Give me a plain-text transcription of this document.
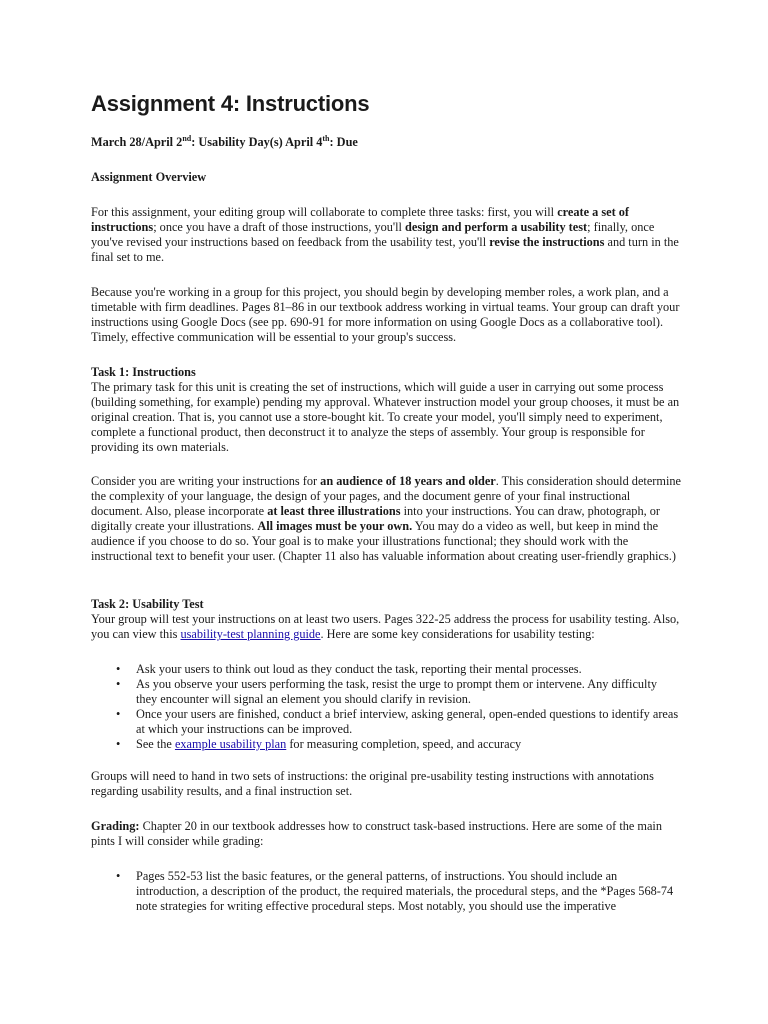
Assignment 4: Instructions

March 28/April 2nd: Usability Day(s) April 4th: Due

Assignment Overview

For this assignment, your editing group will collaborate to complete three tasks: first, you will create a set of instructions; once you have a draft of those instructions, you'll design and perform a usability test; finally, once you've revised your instructions based on feedback from the usability test, you'll revise the instructions and turn in the final set to me.

Because you're working in a group for this project, you should begin by developing member roles, a work plan, and a timetable with firm deadlines. Pages 81–86 in our textbook address working in virtual teams. Your group can draft your instructions using Google Docs (see pp. 690-91 for more information on using Google Docs as a collaborative tool). Timely, effective communication will be essential to your group's success.

Task 1: Instructions

The primary task for this unit is creating the set of instructions, which will guide a user in carrying out some process (building something, for example) pending my approval. Whatever instruction model your group chooses, it must be an original creation. That is, you cannot use a store-bought kit. To create your model, you'll simply need to experiment, complete a functional product, then deconstruct it to analyze the steps of assembly. Your group is responsible for providing its own materials.

Consider you are writing your instructions for an audience of 18 years and older. This consideration should determine the complexity of your language, the design of your pages, and the document genre of your final instructional document. Also, please incorporate at least three illustrations into your instructions. You can draw, photograph, or digitally create your illustrations. All images must be your own. You may do a video as well, but keep in mind the audience if you choose to do so. Your goal is to make your illustrations functional; they should work with the instructional text to benefit your user. (Chapter 11 also has valuable information about creating user-friendly graphics.)

Task 2: Usability Test

Your group will test your instructions on at least two users. Pages 322-25 address the process for usability testing. Also, you can view this usability-test planning guide. Here are some key considerations for usability testing:

• Ask your users to think out loud as they conduct the task, reporting their mental processes.
• As you observe your users performing the task, resist the urge to prompt them or intervene. Any difficulty they encounter will signal an element you should clarify in revision.
• Once your users are finished, conduct a brief interview, asking general, open-ended questions to identify areas at which your instructions can be improved.
• See the example usability plan for measuring completion, speed, and accuracy

Groups will need to hand in two sets of instructions: the original pre-usability testing instructions with annotations regarding usability results, and a final instruction set.

Grading: Chapter 20 in our textbook addresses how to construct task-based instructions. Here are some of the main pints I will consider while grading:

• Pages 552-53 list the basic features, or the general patterns, of instructions. You should include an introduction, a description of the product, the required materials, the procedural steps, and the *Pages 568-74 note strategies for writing effective procedural steps. Most notably, you should use the imperative
